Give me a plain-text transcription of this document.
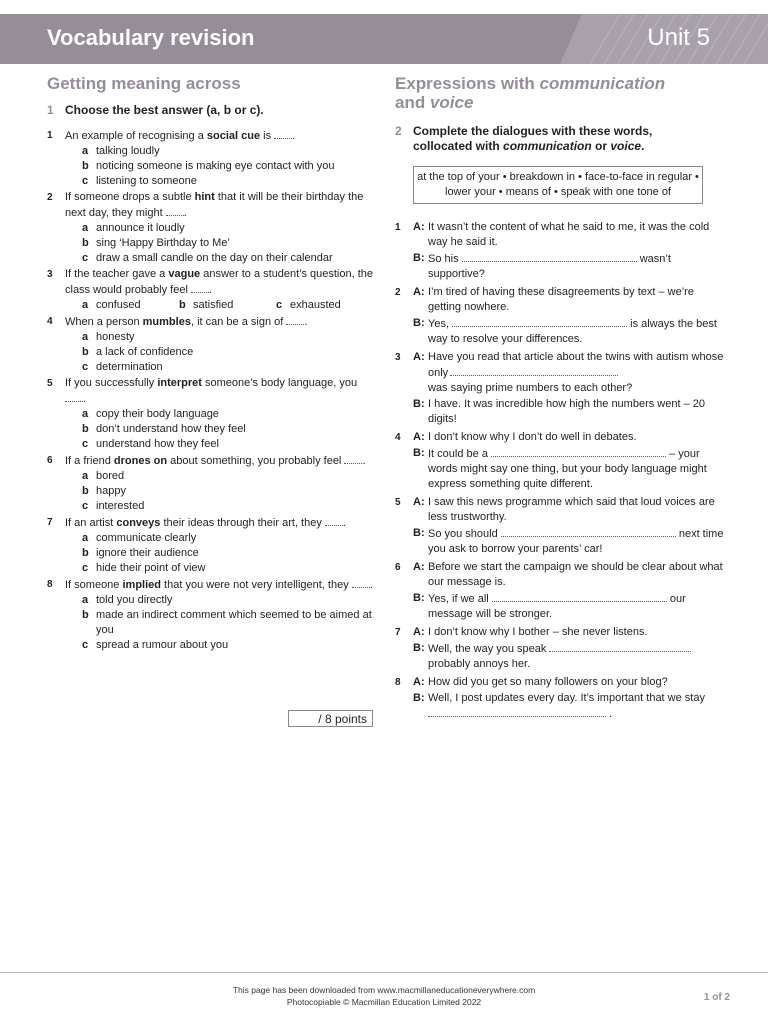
Vocabulary revision	Unit 5
Getting meaning across
1 Choose the best answer (a, b or c).
1	An example of recognising a social cue is .
a talking loudly
b noticing someone is making eye contact with you
c listening to someone
2	If someone drops a subtle hint that it will be their birthday the next day, they might .
a announce it loudly
b sing ‘Happy Birthday to Me’
c draw a small candle on the day on their calendar
3	If the teacher gave a vague answer to a student’s question, the class would probably feel .
a confused	b satisfied	c exhausted
4	When a person mumbles, it can be a sign of .
a honesty
b a lack of confidence
c determination
5	If you successfully interpret someone’s body language, you .
a copy their body language
b don’t understand how they feel
c understand how they feel
6	If a friend drones on about something, you probably feel .
a bored
b happy
c interested
7	If an artist conveys their ideas through their art, they .
a communicate clearly
b ignore their audience
c hide their point of view
8	If someone implied that you were not very intelligent, they .
a told you directly
b made an indirect comment which seemed to be aimed at you
c spread a rumour about you
/ 8 points
Expressions with communication
and voice
2 Complete the dialogues with these words,
collocated with communication or voice.
at the top of your • breakdown in • face-to-face in regular • lower your • means of • speak with one tone of
1	A: It wasn’t the content of what he said to me, it was the cold way he said it.
B: So his	wasn’t supportive?
2	A: I’m tired of having these disagreements by text – we’re getting nowhere.
B: Yes,	is always the best way to resolve your differences.
3	A: Have you read that article about the twins with autism whose only
was saying prime numbers to each other?
B: I have. It was incredible how high the numbers went – 20 digits!
4	A: I don’t know why I don’t do well in debates.
B: It could be a	– your words might say one thing, but your body language might express something quite different.
5	A: I saw this news programme which said that loud voices are less trustworthy.
B: So you should	next time you ask to borrow your parents’ car!
6	A: Before we start the campaign we should be clear about what our message is.
B: Yes, if we all	our message will be stronger.
7	A: I don’t know why I bother – she never listens.
B: Well, the way you speak  probably annoys her.
8	A: How did you get so many followers on your blog?
B: Well, I post updates every day. It’s important that we stay  .
This page has been downloaded from www.macmillaneducationeverywhere.com
Photocopiable © Macmillan Education Limited 2022	1 of 2
